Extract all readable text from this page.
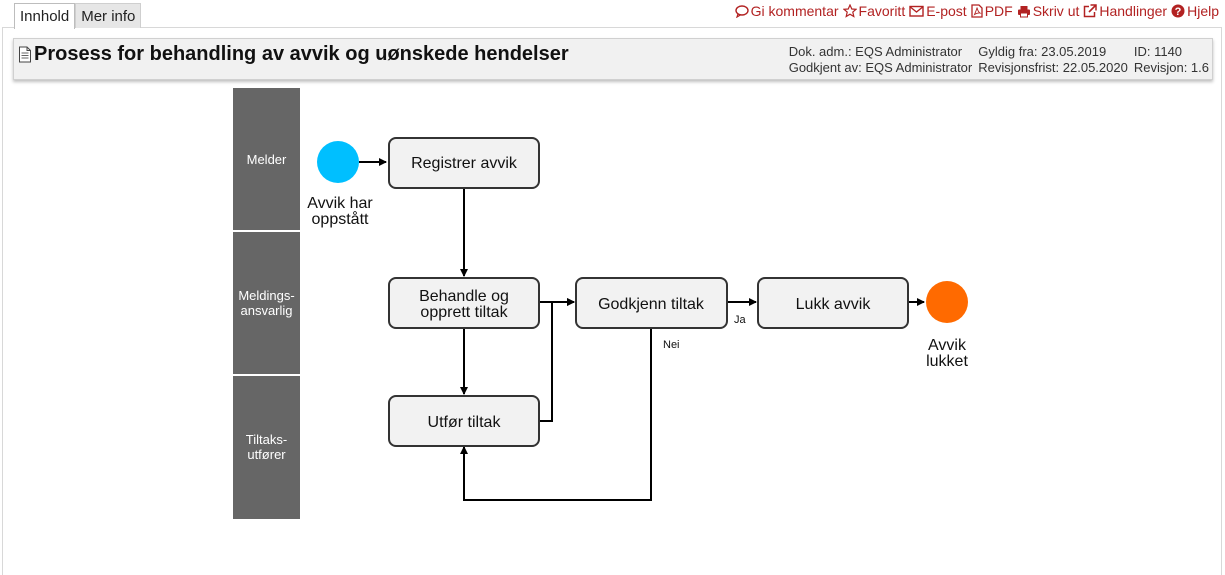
Innhold Mer info	Gi kommentar Favoritt E-post PDF Skriv ut Handlinger ? Hjelp
Prosess for behandling av avvik og uønskede hendelser	Dok. adm.: EQS Administrator	Gyldig fra: 23.05.2019	ID: 1140
Godkjent av: EQS Administrator Revisjonsfrist: 22.05.2020 Revisjon: 1.6
Melder
Meldings-
ansvarlig
Tiltaks-
utfører
Avvik har
oppstått
Registrer avvik
Behandle og
opprett tiltak
Utfør tiltak
Godkjenn tiltak	Lukk avvik
Ja
Nei	Avvik
lukket
